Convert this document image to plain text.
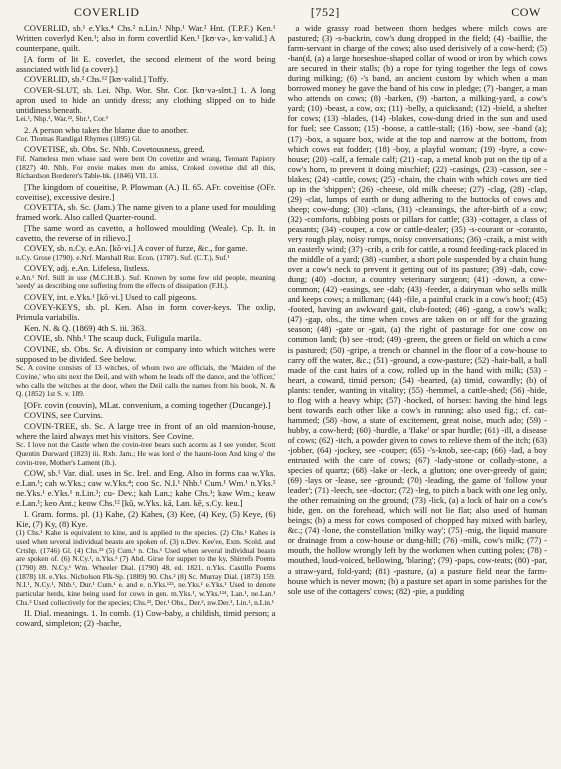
COVERLID	[752]	COW

COVERLID, sb.¹ e.Yks.⁴ Chs.² n.Lin.¹ Nhp.¹ War.² Hnt. (T.P.F.) Ken.¹ Written coverlyd Ken.¹; also in form covertlid Ken.¹ [kʊ·və-, kʊ·vəlid.] A counterpane, quilt.

[A form of lit E. coverlet, the second element of the word being associated with lid (a cover).]

COVERLID, sb.² Chs.¹² [kʊ·vəlid.] Toffy.

COVER-SLUT, sb. Lei. Nhp. Wor. Shr. Cor. [kʊ·və-slʊt.] 1. A long apron used to hide an untidy dress; any clothing slipped on to hide untidiness beneath.

Lei.¹, Nhp.¹, War.²³, Shr.¹, Cor.²

2. A person who takes the blame due to another.

Cor. Thomas Randigal Rhymes (1895) Gl.

COVETISE, sb. Obs. Sc. Nhb. Covetousness, greed.

Fif. Nameless men whase saul were bent On covetize and wrang, Tennant Papistry (1827) 40. Nhb. For envie makes men do amiss, Croked covetise did all this, Richardson Borderer's Table-bk. (1846) VII. 13.

[The kingdom of coueitise, P. Plowman (A.) II. 65. AFr. coveitise (OFr. coveitise), excessive desire.]

COVETTA, sb. Sc. (Jam.) The name given to a plane used for moulding framed work. Also called Quarter-round.

[The same word as cavetto, a hollowed moulding (Weale). Cp. It. in cavetto, the reverse of in rilievo.]

COVEY, sb. n.Cy. e.An. [kō·vi.] A cover of furze, &c., for game.

n.Cy. Grose (1790). e.Nrf. Marshall Rur. Econ. (1787). Suf. (C.T.), Suf.¹

COVEY, adj. e.An. Lifeless, listless.

e.An.¹ Nrf. Still in use (M.C.H.B.). Suf. Known by some few old people, meaning 'seedy' as describing one suffering from the effects of dissipation (F.H.).

COVEY, int. e.Yks.¹ [kō·vi.] Used to call pigeons.

COVEY-KEYS, sb. pl. Ken. Also in form cover-keys. The oxlip, Primula variabilis.

Ken. N. & Q. (1869) 4th S. iii. 363.

COVIE, sb. Nhb.¹ The scaup duck, Fuligula marila.

COVINE, sb. Obs. Sc. A division or company into which witches were supposed to be divided. See below.

Sc. A covine consists of 13 witches, of whom two are officials, the 'Maiden of the Covine,' who sits next the Deil, and with whom he leads off the dance, and the 'officer,' who calls the witches at the door, when the Deil calls the names from his book, N. & Q. (1852) 1st S. v. 189.

[OFr. covin (couvin), MLat. convenium, a coming together (Ducange).]

COVINS, see Curvins.

COVIN-TREE, sb. Sc. A large tree in front of an old mansion-house, where the laird always met his visitors. See Covine.

Sc. I love not the Castle when the covin-tree bears such acorns as I see yonder, Scott Quentin Durward (1823) iii. Rxb. Jam.; He was lord o' the haunt-loon And king o' the covin-tree, Mother's Lament (ib.).

COW, sb.¹ Var. dial. uses in Sc. Irel. and Eng. Also in forms caa w.Yks. e.Lan.¹; cah w.Yks.; caw w.Yks.⁴; coo Sc. N.I.¹ Nhb.¹ Cum.¹ Wm.¹ n.Yks.² ne.Yks.¹ e.Yks.¹ n.Lin.¹; cu- Dev.; kah Lan.; kahe Chs.¹; kaw Wm.; keaw e.Lan.¹; keo Ant.; keow Chs.¹² [kū, w.Yks. kā, Lan. kē, s.Cy. keu.]

I. Gram. forms. pl. (1) Kahe, (2) Kahes, (3) Kee, (4) Key, (5) Keye, (6) Kie, (7) Ky, (8) Kye.

(1) Chs.¹ Kahe is equivalent to kine, and is applied to the species. (2) Chs.¹ Kahes is used when several individual beasts are spoken of. (3) n.Dev. Kee'ee, Exm. Scold. and Crtshp. (1746) Gl. (4) Chs.²³ (5) Cum.¹ n. Chs.¹ Used when several individual beasts are spoken of. (6) N.Cy.¹, n.Yks.² (7) Abd. Girse for supper to the ky, Shirrefs Poems (1790) 89. N.Cy.¹ Wm. Wheeler Dial. (1790) 48, ed. 1821. n.Yks. Castillo Poems (1878) 18. e.Yks. Nicholson Flk-Sp. (1889) 90. Chs.² (8) Sc. Murray Dial. (1873) 159. N.I.¹, N.Cy.¹, Nhb.¹, Dur.¹ Cum.¹ e. and e. n.Yks.¹²³, ne.Yks.¹ e.Yks.¹ Used to denote particular herds, kine being used for cows in gen. m.Yks.¹, w.Yks.¹²⁴, Lan.¹, ne.Lan.¹ Chs.² Used collectively for the species; Chs.²³, Der.¹ Obs., Der.², nw.Der.¹, Lin.¹, n.Lin.¹

II. Dial. meanings. 1. In comb. (1) Cow-baby, a childish, timid person; a coward, simpleton; (2) -bache,

a wide grassy road between thorn hedges where milch cows are pastured; (3) -s-backrin, cow's dung dropped in the field; (4) -baillie, the farm-servant in charge of the cows; also used derisively of a cow-herd; (5) -ban(d, (a) a large horseshoe-shaped collar of wood or iron by which cows are secured in their stalls; (b) a rope for tying together the legs of cows during milking; (6) -'s band, an ancient custom by which when a man borrowed money he gave the band of his cow in pledge; (7) -banger, a man who attends on cows; (8) -barken, (9) -barton, a milking-yard, a cow's yard; (10) -beast, a cow, ox; (11) -belly, a quicksand; (12) -bield, a shelter for cows; (13) -blades, (14) -blakes, cow-dung dried in the sun and used for fuel; see Casson; (15) -boose, a cattle-stall; (16) -bow, see -band (a); (17) -box, a square box, wide at the top and narrow at the bottom, from which cows eat fodder; (18) -boy, a playful woman; (19) -byre, a cow-house; (20) -calf, a female calf; (21) -cap, a metal knob put on the tip of a cow's horn, to prevent it doing mischief; (22) -casings, (23) -casson, see -blakes; (24) -cattle, cows; (25) -chain, the chain with which cows are tied up in the 'shippen'; (26) -cheese, old milk cheese; (27) -clag, (28) -clap, (29) -clat, lumps of earth or dung adhering to the buttocks of cows and sheep; cow-dung; (30) -clans, (31) -cleansings, the after-birth of a cow; (32) -comforts, rubbing posts or pillars for cattle; (33) -cottager, a class of peasants; (34) -couper, a cow or cattle-dealer; (35) -s-courant or -coranto, very rough play, noisy romps, noisy conversations; (36) -craik, a mist with an easterly wind; (37) -crib, a crib for cattle, a round feeding-rack placed in the middle of a yard; (38) -cumber, a short pole suspended by a chain hung over a cow's neck to prevent it getting out of its pasture; (39) -dab, cow-dung; (40) -doctor, a country veterinary surgeon; (41) -down, a cow-common; (42) -easings, see -dab; (43) -feeder, a dairyman who sells milk and keeps cows; a milkman; (44) -file, a painful crack in a cow's hoof; (45) -footed, having an awkward gait, club-footed; (46) -gang, a cow's walk; (47) -gap, obs., the time when cows are taken on or off for the grazing season; (48) -gate or -gait, (a) the right of pasturage for one cow on common land; (b) see -trod; (49) -green, the green or field on which a cow is pastured; (50) -gripe, a trench or channel in the floor of a cow-house to carry off the water, &c.; (51) -ground, a cow-pasture; (52) -hair-ball, a ball made of the cast hairs of a cow, rolled up in the hand with milk; (53) -heart, a coward, timid person; (54) -hearted, (a) timid, cowardly; (b) of plants: tender, wanting in vitality; (55) -hemmel, a cattle-shed; (56) -hide, to flog with a heavy whip; (57) -hocked, of horses: having the hind legs bent towards each other like a cow's in running; also used fig.; cf. cat-hammed; (58) -how, a state of excitement, great noise, much ado; (59) -hubby, a cow-herd; (60) -hurdle, a 'flake' or spar hurdle; (61) -ill, a disease of cows; (62) -itch, a powder given to cows to relieve them of the itch; (63) -jobber, (64) -jockey, see -couper; (65) -'s-knob, see-cap; (66) -lad, a boy entrusted with the care of cows; (67) -lady-stone or collady-stone, a species of quartz; (68) -lake or -leck, a glutton; one over-greedy of gain; (69) -lays or -lease, see -ground; (70) -leading, the game of 'follow your leader'; (71) -leech, see -doctor; (72) -leg, to pitch a back with one leg only, the other remaining on the ground; (73) -lick, (a) a lock of hair on a cow's hide, gen. on the forehead, which will not lie flat; also used of human beings; (b) a mess for cows composed of chopped hay mixed with barley, &c.; (74) -lone, the constellation 'milky way'; (75) -mig, the liquid manure or drainage from a cow-house or dung-hill; (76) -milk, cow's milk; (77) -mouth, the hollow wrongly left by the workmen when cutting poles; (78) -mouthed, loud-voiced, bellowing, 'blaring'; (79) -paps, cow-teats; (80) -par, a straw-yard, fold-yard; (81) -pasture, (a) a pasture field near the farm-house which is never mown; (b) a pasture set apart in some parishes for the sole use of the cottagers' cows; (82) -pie, a pudding
